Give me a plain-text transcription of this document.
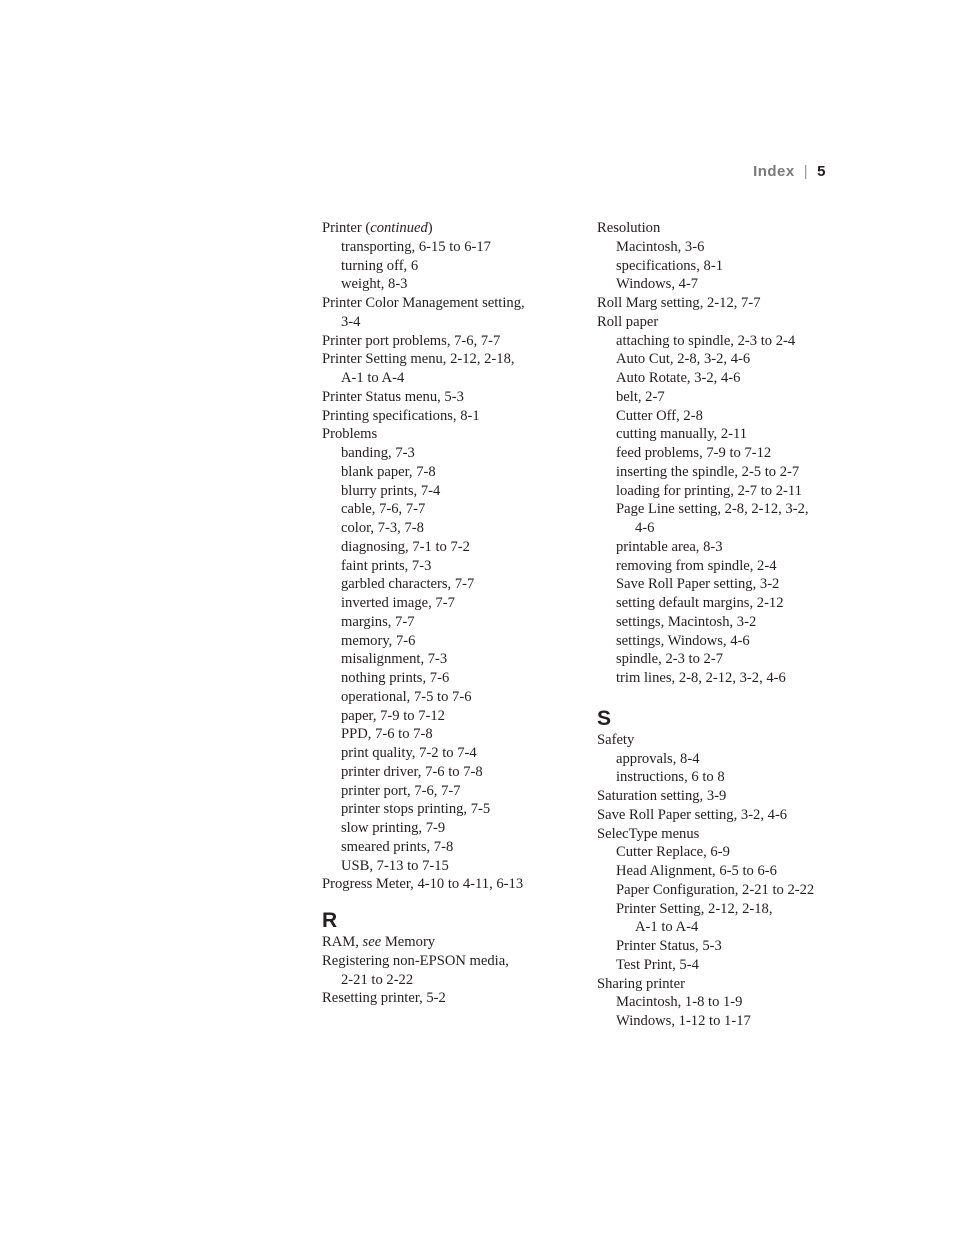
Index | 5
Printer (continued)
transporting, 6-15 to 6-17
turning off, 6
weight, 8-3
Printer Color Management setting,
3-4
Printer port problems, 7-6, 7-7
Printer Setting menu, 2-12, 2-18,
A-1 to A-4
Printer Status menu, 5-3
Printing specifications, 8-1
Problems
banding, 7-3
blank paper, 7-8
blurry prints, 7-4
cable, 7-6, 7-7
color, 7-3, 7-8
diagnosing, 7-1 to 7-2
faint prints, 7-3
garbled characters, 7-7
inverted image, 7-7
margins, 7-7
memory, 7-6
misalignment, 7-3
nothing prints, 7-6
operational, 7-5 to 7-6
paper, 7-9 to 7-12
PPD, 7-6 to 7-8
print quality, 7-2 to 7-4
printer driver, 7-6 to 7-8
printer port, 7-6, 7-7
printer stops printing, 7-5
slow printing, 7-9
smeared prints, 7-8
USB, 7-13 to 7-15
Progress Meter, 4-10 to 4-11, 6-13
R
RAM, see Memory
Registering non-EPSON media,
2-21 to 2-22
Resetting printer, 5-2
Resolution
Macintosh, 3-6
specifications, 8-1
Windows, 4-7
Roll Marg setting, 2-12, 7-7
Roll paper
attaching to spindle, 2-3 to 2-4
Auto Cut, 2-8, 3-2, 4-6
Auto Rotate, 3-2, 4-6
belt, 2-7
Cutter Off, 2-8
cutting manually, 2-11
feed problems, 7-9 to 7-12
inserting the spindle, 2-5 to 2-7
loading for printing, 2-7 to 2-11
Page Line setting, 2-8, 2-12, 3-2,
4-6
printable area, 8-3
removing from spindle, 2-4
Save Roll Paper setting, 3-2
setting default margins, 2-12
settings, Macintosh, 3-2
settings, Windows, 4-6
spindle, 2-3 to 2-7
trim lines, 2-8, 2-12, 3-2, 4-6
S
Safety
approvals, 8-4
instructions, 6 to 8
Saturation setting, 3-9
Save Roll Paper setting, 3-2, 4-6
SelecType menus
Cutter Replace, 6-9
Head Alignment, 6-5 to 6-6
Paper Configuration, 2-21 to 2-22
Printer Setting, 2-12, 2-18,
A-1 to A-4
Printer Status, 5-3
Test Print, 5-4
Sharing printer
Macintosh, 1-8 to 1-9
Windows, 1-12 to 1-17
